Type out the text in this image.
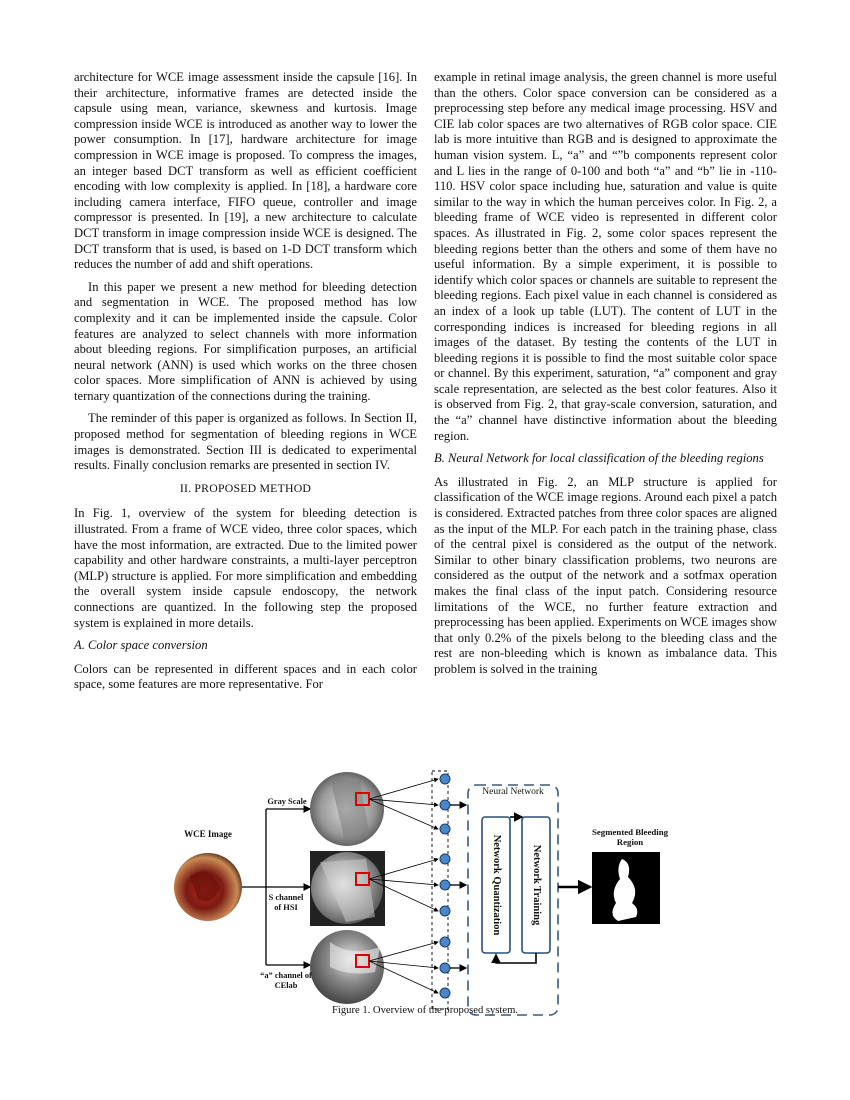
architecture for WCE image assessment inside the capsule [16]. In their architecture, informative frames are detected inside the capsule using mean, variance, skewness and kurtosis. Image compression inside WCE is introduced as another way to lower the power consumption. In [17], hardware architecture for image compression in WCE image is proposed. To compress the images, an integer based DCT transform as well as efficient coefficient encoding with low complexity is applied. In [18], a hardware core including camera interface, FIFO queue, controller and image compressor is presented. In [19], a new architecture to calculate DCT transform in image compression inside WCE is designed. The DCT transform that is used, is based on 1-D DCT transform which reduces the number of add and shift operations.

In this paper we present a new method for bleeding detection and segmentation in WCE. The proposed method has low complexity and it can be implemented inside the capsule. Color features are analyzed to select channels with more information about bleeding regions. For simplification purposes, an artificial neural network (ANN) is used which works on the three chosen color spaces. More simplification of ANN is achieved by using ternary quantization of the connections during the training.

The reminder of this paper is organized as follows. In Section II, proposed method for segmentation of bleeding regions in WCE images is demonstrated. Section III is dedicated to experimental results. Finally conclusion remarks are presented in section IV.

II. PROPOSED METHOD

In Fig. 1, overview of the system for bleeding detection is illustrated. From a frame of WCE video, three color spaces, which have the most information, are extracted. Due to the limited power capability and other hardware constraints, a multi-layer perceptron (MLP) structure is applied. For more simplification and embedding the overall system inside capsule endoscopy, the network connections are quantized. In the following step the proposed system is explained in more details.

A. Color space conversion

Colors can be represented in different spaces and in each color space, some features are more representative. For

example in retinal image analysis, the green channel is more useful than the others. Color space conversion can be considered as a preprocessing step before any medical image processing. HSV and CIE lab color spaces are two alternatives of RGB color space. CIE lab is more intuitive than RGB and is designed to approximate the human vision system. L, “a” and “”b components represent color and L lies in the range of 0-100 and both “a” and “b” lie in -110-110. HSV color space including hue, saturation and value is quite similar to the way in which the human perceives color. In Fig. 2, a bleeding frame of WCE video is represented in different color spaces. As illustrated in Fig. 2, some color spaces represent the bleeding regions better than the others and some of them have no useful information. By a simple experiment, it is possible to identify which color spaces or channels are suitable to represent the bleeding regions. Each pixel value in each channel is considered as an index of a look up table (LUT). The content of LUT in the corresponding indices is increased for bleeding regions in all images of the dataset. By testing the contents of the LUT in bleeding regions it is possible to find the most suitable color space or channel. By this experiment, saturation, “a” component and gray scale representation, are selected as the best color features. Also it is observed from Fig. 2, that gray-scale conversion, saturation, and the “a” channel have distinctive information about the bleeding region.

B. Neural Network for local classification of the bleeding regions

As illustrated in Fig. 2, an MLP structure is applied for classification of the WCE image regions. Around each pixel a patch is considered. Extracted patches from three color spaces are aligned as the input of the MLP. For each patch in the training phase, class of the central pixel is considered as the output of the network. Similar to other binary classification problems, two neurons are considered as the output of the network and a sotfmax operation makes the final class of the input patch. Considering resource limitations of the WCE, no further feature extraction and preprocessing has been applied. Experiments on WCE images show that only 0.2% of the pixels belong to the bleeding class and the rest are non-bleeding which is known as imbalance data. This problem is solved in the training

WCE Image
Gray Scale
S channel of HSI
“a” channel of CElab
Neural Network
Network Quantization	Network Training
Segmented Bleeding Region
Figure 1. Overview of the proposed system.
